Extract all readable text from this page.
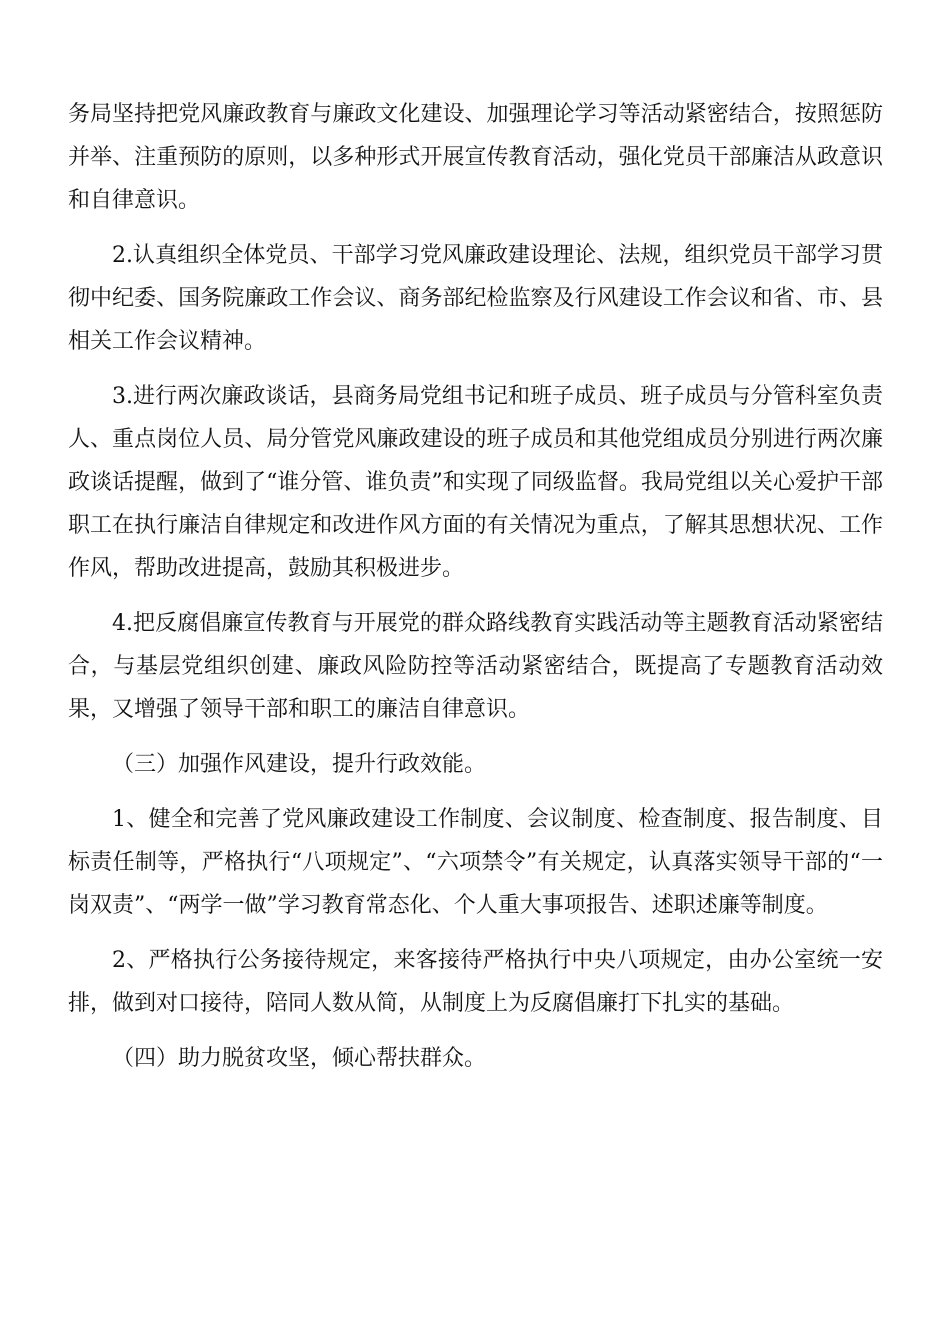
务局坚持把党风廉政教育与廉政文化建设、加强理论学习等活动紧密结合，按照惩防并举、注重预防的原则，以多种形式开展宣传教育活动，强化党员干部廉洁从政意识和自律意识。

2.认真组织全体党员、干部学习党风廉政建设理论、法规，组织党员干部学习贯彻中纪委、国务院廉政工作会议、商务部纪检监察及行风建设工作会议和省、市、县相关工作会议精神。

3.进行两次廉政谈话，县商务局党组书记和班子成员、班子成员与分管科室负责人、重点岗位人员、局分管党风廉政建设的班子成员和其他党组成员分别进行两次廉政谈话提醒，做到了“谁分管、谁负责”和实现了同级监督。我局党组以关心爱护干部职工在执行廉洁自律规定和改进作风方面的有关情况为重点，了解其思想状况、工作作风，帮助改进提高，鼓励其积极进步。

4.把反腐倡廉宣传教育与开展党的群众路线教育实践活动等主题教育活动紧密结合，与基层党组织创建、廉政风险防控等活动紧密结合，既提高了专题教育活动效果，又增强了领导干部和职工的廉洁自律意识。

（三）加强作风建设，提升行政效能。

1、健全和完善了党风廉政建设工作制度、会议制度、检查制度、报告制度、目标责任制等，严格执行“八项规定”、“六项禁令”有关规定，认真落实领导干部的“一岗双责”、“两学一做”学习教育常态化、个人重大事项报告、述职述廉等制度。

2、严格执行公务接待规定，来客接待严格执行中央八项规定，由办公室统一安排，做到对口接待，陪同人数从简，从制度上为反腐倡廉打下扎实的基础。

（四）助力脱贫攻坚，倾心帮扶群众。
